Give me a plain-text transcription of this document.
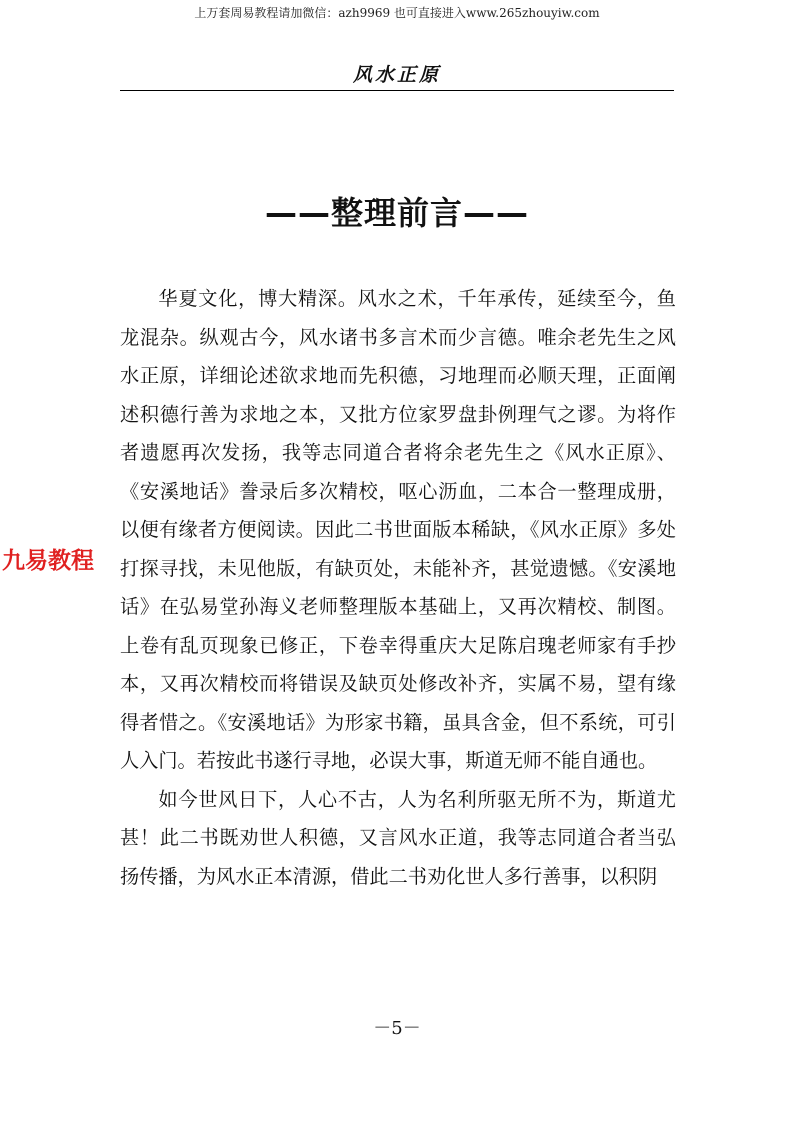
上万套周易教程请加微信：azh9969 也可直接进入www.265zhouyiw.com
风水正原
——整理前言——

华夏文化，博大精深。风水之术，千年承传，延续至今，鱼龙混杂。纵观古今，风水诸书多言术而少言德。唯余老先生之风水正原，详细论述欲求地而先积德，习地理而必顺天理，正面阐述积德行善为求地之本，又批方位家罗盘卦例理气之谬。为将作者遗愿再次发扬，我等志同道合者将余老先生之《风水正原》、《安溪地话》誊录后多次精校，呕心沥血，二本合一整理成册，以便有缘者方便阅读。因此二书世面版本稀缺，《风水正原》多处打探寻找，未见他版，有缺页处，未能补齐，甚觉遗憾。《安溪地话》在弘易堂孙海义老师整理版本基础上，又再次精校、制图。上卷有乱页现象已修正，下卷幸得重庆大足陈启瑰老师家有手抄本，又再次精校而将错误及缺页处修改补齐，实属不易，望有缘得者惜之。《安溪地话》为形家书籍，虽具含金，但不系统，可引人入门。若按此书遂行寻地，必误大事，斯道无师不能自通也。

如今世风日下，人心不古，人为名利所驱无所不为，斯道尤甚！此二书既劝世人积德，又言风水正道，我等志同道合者当弘扬传播，为风水正本清源，借此二书劝化世人多行善事，以积阴

九易教程
－5－
